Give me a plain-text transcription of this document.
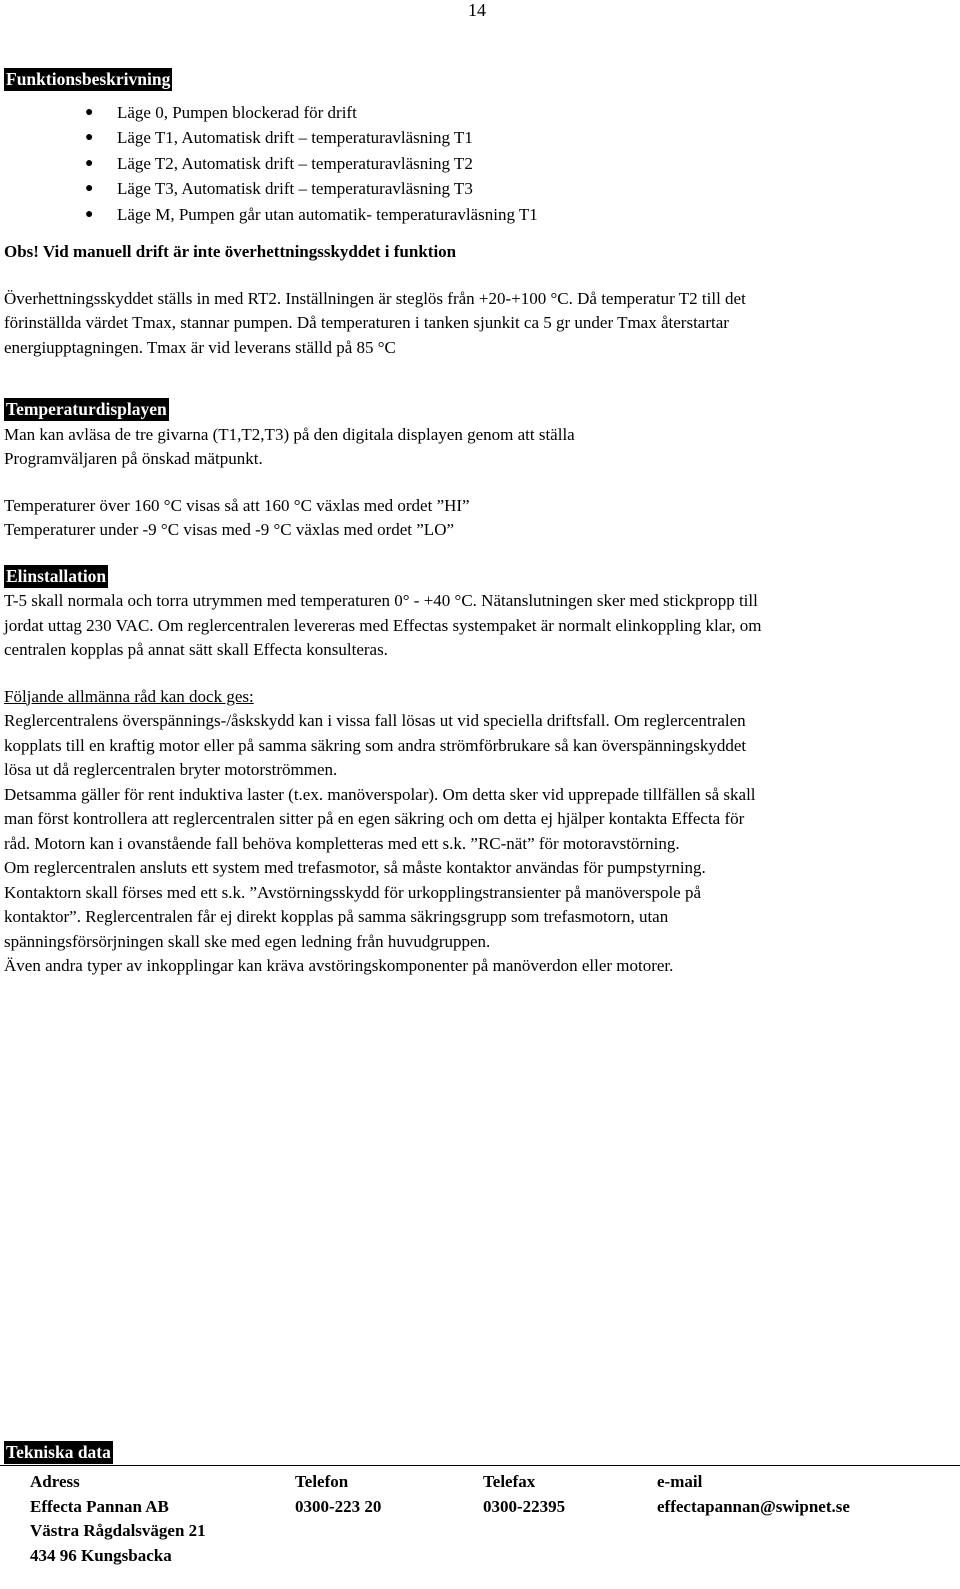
14
Funktionsbeskrivning
● Läge 0, Pumpen blockerad för drift
● Läge T1, Automatisk drift – temperaturavläsning T1
● Läge T2, Automatisk drift – temperaturavläsning T2
● Läge T3, Automatisk drift – temperaturavläsning T3
● Läge M, Pumpen går utan automatik- temperaturavläsning T1

Obs! Vid manuell drift är inte överhettningsskyddet i funktion

Överhettningsskyddet ställs in med RT2. Inställningen är steglös från +20-+100 °C. Då temperatur T2 till det

förinställda värdet Tmax, stannar pumpen. Då temperaturen i tanken sjunkit ca 5 gr under Tmax återstartar

energiupptagningen. Tmax är vid leverans ställd på 85 °C

Temperaturdisplayen

Man kan avläsa de tre givarna (T1,T2,T3) på den digitala displayen genom att ställa

Programväljaren på önskad mätpunkt.

Temperaturer över 160 °C visas så att 160 °C växlas med ordet ”HI”

Temperaturer under -9 °C visas med -9 °C växlas med ordet ”LO”

Elinstallation

T-5 skall normala och torra utrymmen med temperaturen 0° - +40 °C. Nätanslutningen sker med stickpropp till

jordat uttag 230 VAC. Om reglercentralen levereras med Effectas systempaket är normalt elinkoppling klar, om

centralen kopplas på annat sätt skall Effecta konsulteras.

Följande allmänna råd kan dock ges:

Reglercentralens överspännings-/åskskydd kan i vissa fall lösas ut vid speciella driftsfall. Om reglercentralen

kopplats till en kraftig motor eller på samma säkring som andra strömförbrukare så kan överspänningskyddet

lösa ut då reglercentralen bryter motorströmmen.

Detsamma gäller för rent induktiva laster (t.ex. manöverspolar). Om detta sker vid upprepade tillfällen så skall

man först kontrollera att reglercentralen sitter på en egen säkring och om detta ej hjälper kontakta Effecta för

råd. Motorn kan i ovanstående fall behöva kompletteras med ett s.k. ”RC-nät” för motoravstörning.

Om reglercentralen ansluts ett system med trefasmotor, så måste kontaktor användas för pumpstyrning.

Kontaktorn skall förses med ett s.k. ”Avstörningsskydd för urkopplingstransienter på manöverspole på

kontaktor”. Reglercentralen får ej direkt kopplas på samma säkringsgrupp som trefasmotorn, utan

spänningsförsörjningen skall ske med egen ledning från huvudgruppen.

Även andra typer av inkopplingar kan kräva avstöringskomponenter på manöverdon eller motorer.

Tekniska data
Adress	Telefon	Telefax	e-mail
Effecta Pannan AB	0300-223 20	0300-22395	effectapannan@swipnet.se
Västra Rågdalsvägen 21
434 96 Kungsbacka
